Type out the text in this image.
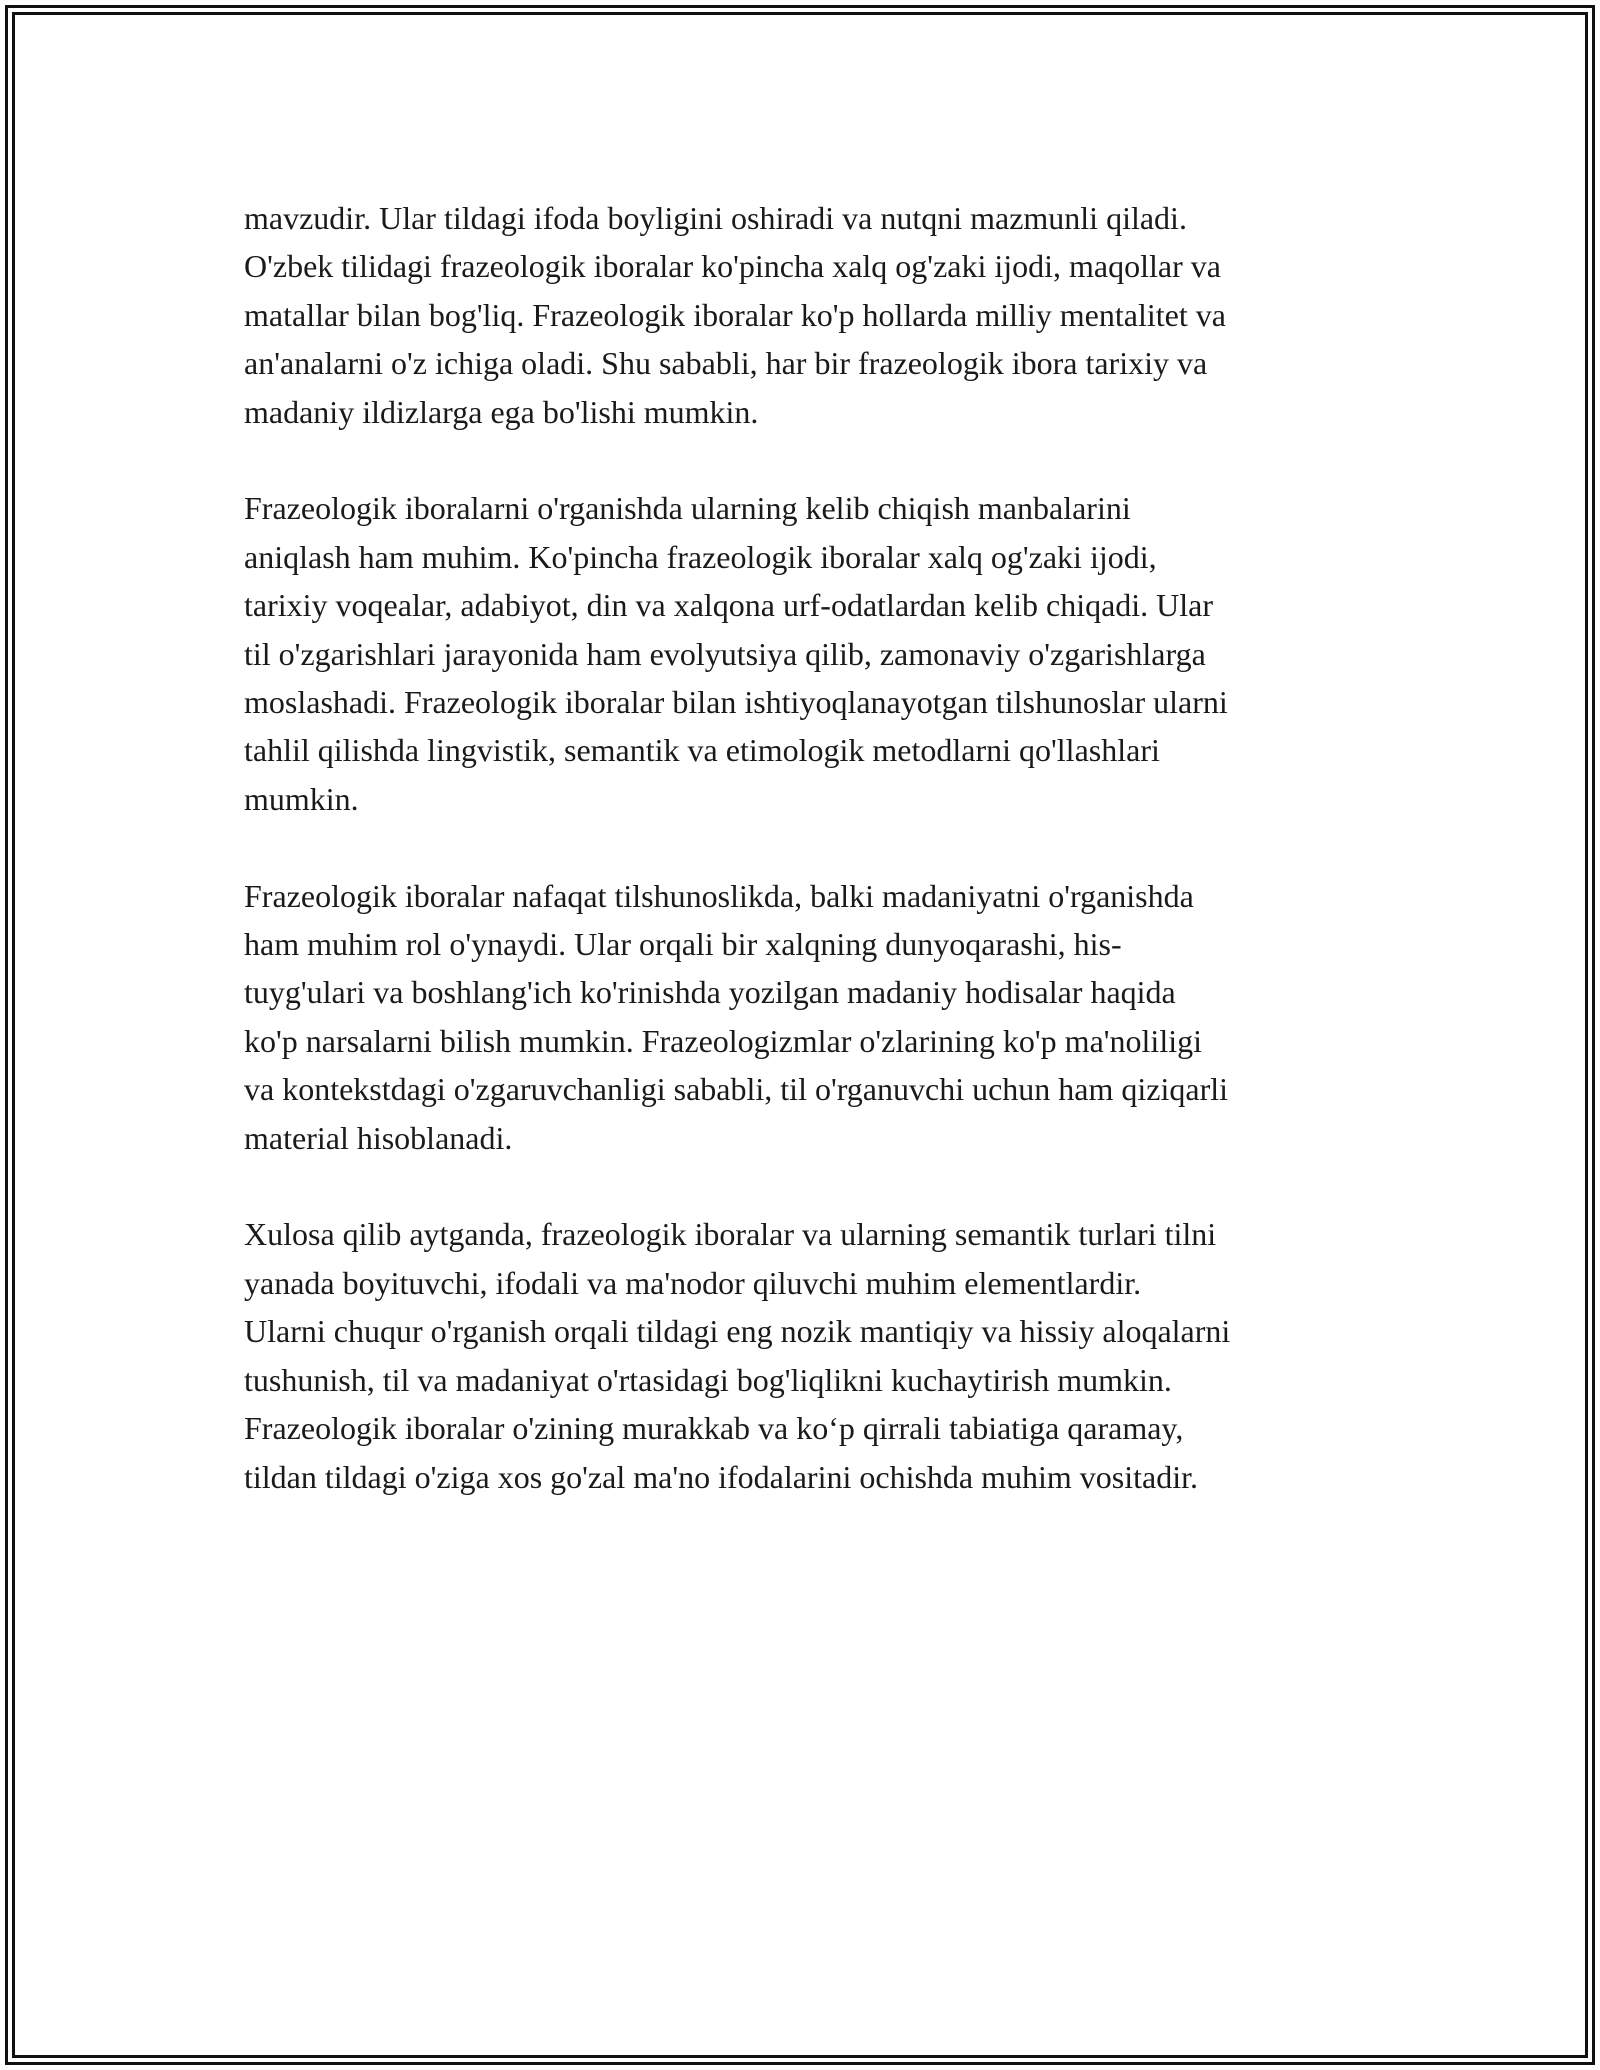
mavzudir. Ular tildagi ifoda boyligini oshiradi va nutqni mazmunli qiladi.
O'zbek tilidagi frazeologik iboralar ko'pincha xalq og'zaki ijodi, maqollar va
matallar bilan bog'liq. Frazeologik iboralar ko'p hollarda milliy mentalitet va
an'analarni o'z ichiga oladi. Shu sababli, har bir frazeologik ibora tarixiy va
madaniy ildizlarga ega bo'lishi mumkin.

Frazeologik iboralarni o'rganishda ularning kelib chiqish manbalarini
aniqlash ham muhim. Ko'pincha frazeologik iboralar xalq og'zaki ijodi,
tarixiy voqealar, adabiyot, din va xalqona urf-odatlardan kelib chiqadi. Ular
til o'zgarishlari jarayonida ham evolyutsiya qilib, zamonaviy o'zgarishlarga
moslashadi. Frazeologik iboralar bilan ishtiyoqlanayotgan tilshunoslar ularni
tahlil qilishda lingvistik, semantik va etimologik metodlarni qo'llashlari
mumkin.

Frazeologik iboralar nafaqat tilshunoslikda, balki madaniyatni o'rganishda
ham muhim rol o'ynaydi. Ular orqali bir xalqning dunyoqarashi, his-
tuyg'ulari va boshlang'ich ko'rinishda yozilgan madaniy hodisalar haqida
ko'p narsalarni bilish mumkin. Frazeologizmlar o'zlarining ko'p ma'noliligi
va kontekstdagi o'zgaruvchanligi sababli, til o'rganuvchi uchun ham qiziqarli
material hisoblanadi.

Xulosa qilib aytganda, frazeologik iboralar va ularning semantik turlari tilni
yanada boyituvchi, ifodali va ma'nodor qiluvchi muhim elementlardir.
Ularni chuqur o'rganish orqali tildagi eng nozik mantiqiy va hissiy aloqalarni
tushunish, til va madaniyat o'rtasidagi bog'liqlikni kuchaytirish mumkin.
Frazeologik iboralar o'zining murakkab va ko‘p qirrali tabiatiga qaramay,
tildan tildagi o'ziga xos go'zal ma'no ifodalarini ochishda muhim vositadir.
